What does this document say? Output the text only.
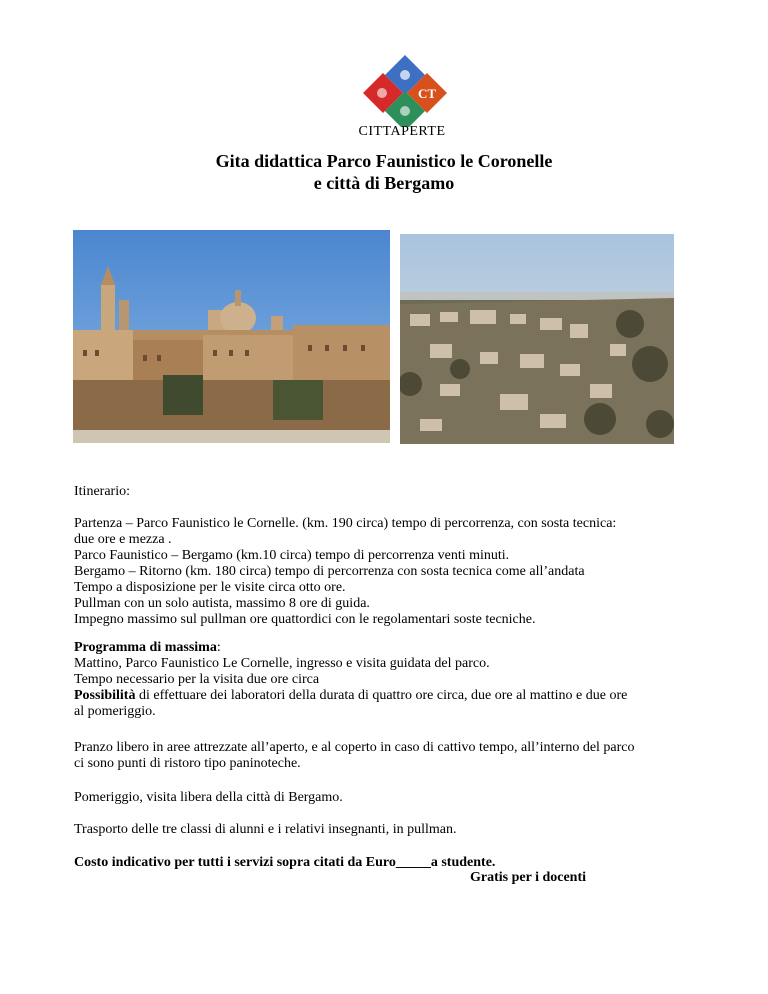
CT
CITTAPERTE
Gita didattica Parco Faunistico le Coronelle
e città di Bergamo
Itinerario:

Partenza – Parco Faunistico le Cornelle. (km. 190 circa) tempo di percorrenza, con sosta tecnica:

due ore e mezza .

Parco Faunistico – Bergamo (km.10 circa) tempo di percorrenza venti minuti.

Bergamo – Ritorno (km. 180 circa) tempo di percorrenza con sosta tecnica come all’andata

Tempo a disposizione per le visite circa otto ore.

Pullman con un solo autista, massimo 8 ore di guida.

Impegno massimo sul pullman ore quattordici con le regolamentari soste tecniche.

Programma di massima:

Mattino, Parco Faunistico Le Cornelle, ingresso e visita guidata del parco.

Tempo necessario per la visita due ore circa

Possibilità di effettuare dei laboratori della durata di quattro ore circa, due ore al mattino e due ore

al pomeriggio.

Pranzo libero in aree attrezzate all’aperto, e al coperto in caso di cattivo tempo, all’interno del parco

ci sono punti di ristoro tipo paninoteche.

Pomeriggio, visita libera della città di Bergamo.
Trasporto delle tre classi di alunni e i relativi insegnanti, in pullman.
Costo indicativo per tutti i servizi sopra citati da Euro_____a studente.
Gratis per i docenti
